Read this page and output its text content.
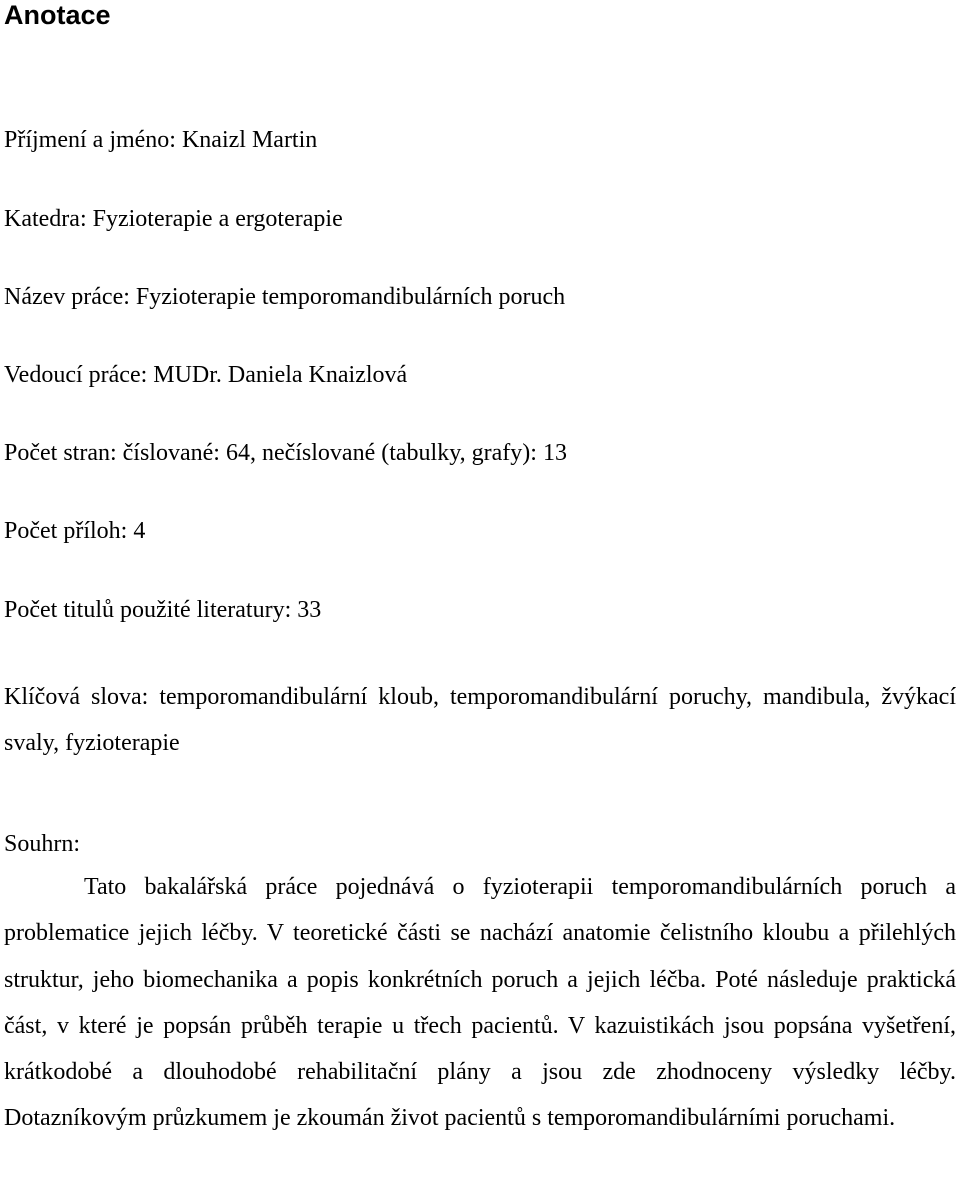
Anotace

Příjmení a jméno: Knaizl Martin

Katedra: Fyzioterapie a ergoterapie

Název práce: Fyzioterapie temporomandibulárních poruch

Vedoucí práce: MUDr. Daniela Knaizlová

Počet stran: číslované: 64, nečíslované (tabulky, grafy): 13

Počet příloh: 4

Počet titulů použité literatury: 33

Klíčová slova: temporomandibulární kloub, temporomandibulární poruchy, mandibula, žvýkací svaly, fyzioterapie

Souhrn:

Tato bakalářská práce pojednává o fyzioterapii temporomandibulárních poruch a problematice jejich léčby. V teoretické části se nachází anatomie čelistního kloubu a přilehlých struktur, jeho biomechanika a popis konkrétních poruch a jejich léčba. Poté následuje praktická část, v které je popsán průběh terapie u třech pacientů. V kazuistikách jsou popsána vyšetření, krátkodobé a dlouhodobé rehabilitační plány a jsou zde zhodnoceny výsledky léčby. Dotazníkovým průzkumem je zkoumán život pacientů s temporomandibulárními poruchami.
